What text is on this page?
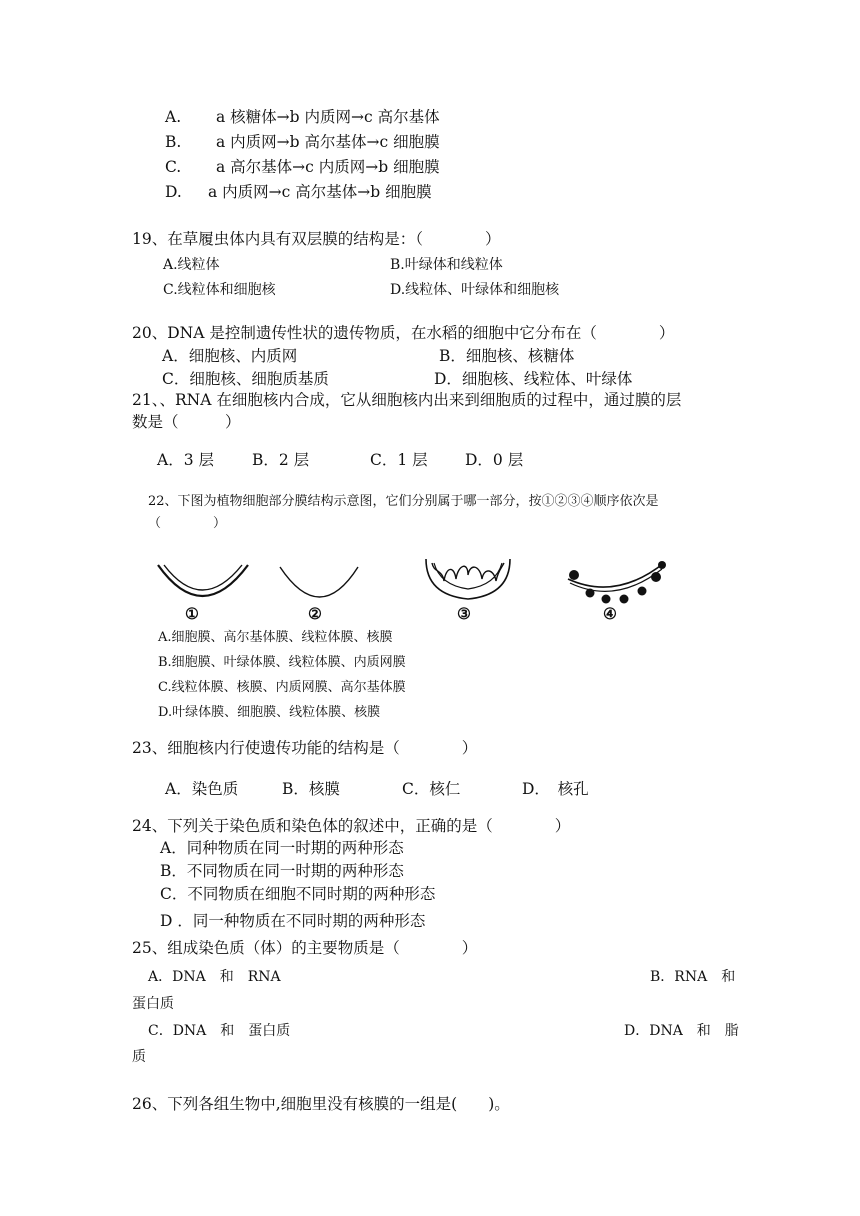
A. a 核糖体→b 内质网→c 高尔基体
B. a 内质网→b 高尔基体→c 细胞膜
C. a 高尔基体→c 内质网→b 细胞膜
D. a 内质网→c 高尔基体→b 细胞膜
19、在草履虫体内具有双层膜的结构是：（　　　　）
A.线粒体	B.叶绿体和线粒体
C.线粒体和细胞核	D.线粒体、叶绿体和细胞核
20、DNA 是控制遗传性状的遗传物质，在水稻的细胞中它分布在（　　　　）
A．细胞核、内质网	B．细胞核、核糖体
C．细胞核、细胞质基质	D．细胞核、线粒体、叶绿体
21、、RNA 在细胞核内合成，它从细胞核内出来到细胞质的过程中，通过膜的层
数是（　　　）
A．3 层 B．2 层	C．1 层 D．0 层
22、下图为植物细胞部分膜结构示意图，它们分别属于哪一部分，按①②③④顺序依次是
（　　　　）
①	②	③	④
A.细胞膜、高尔基体膜、线粒体膜、核膜
B.细胞膜、叶绿体膜、线粒体膜、内质网膜
C.线粒体膜、核膜、内质网膜、高尔基体膜
D.叶绿体膜、细胞膜、线粒体膜、核膜
23、细胞核内行使遗传功能的结构是（　　　　）
A．染色质	B．核膜	C．核仁	D．　核孔
24、下列关于染色质和染色体的叙述中，正确的是（　　　　）
A．同种物质在同一时期的两种形态
B．不同物质在同一时期的两种形态
C．不同物质在细胞不同时期的两种形态
D ．同一种物质在不同时期的两种形态
25、组成染色质（体）的主要物质是（　　　　）
A．DNA　和　RNA	B．RNA　和
蛋白质
C．DNA　和　蛋白质	D．DNA　和　脂
质
26、下列各组生物中,细胞里没有核膜的一组是(　　)。
